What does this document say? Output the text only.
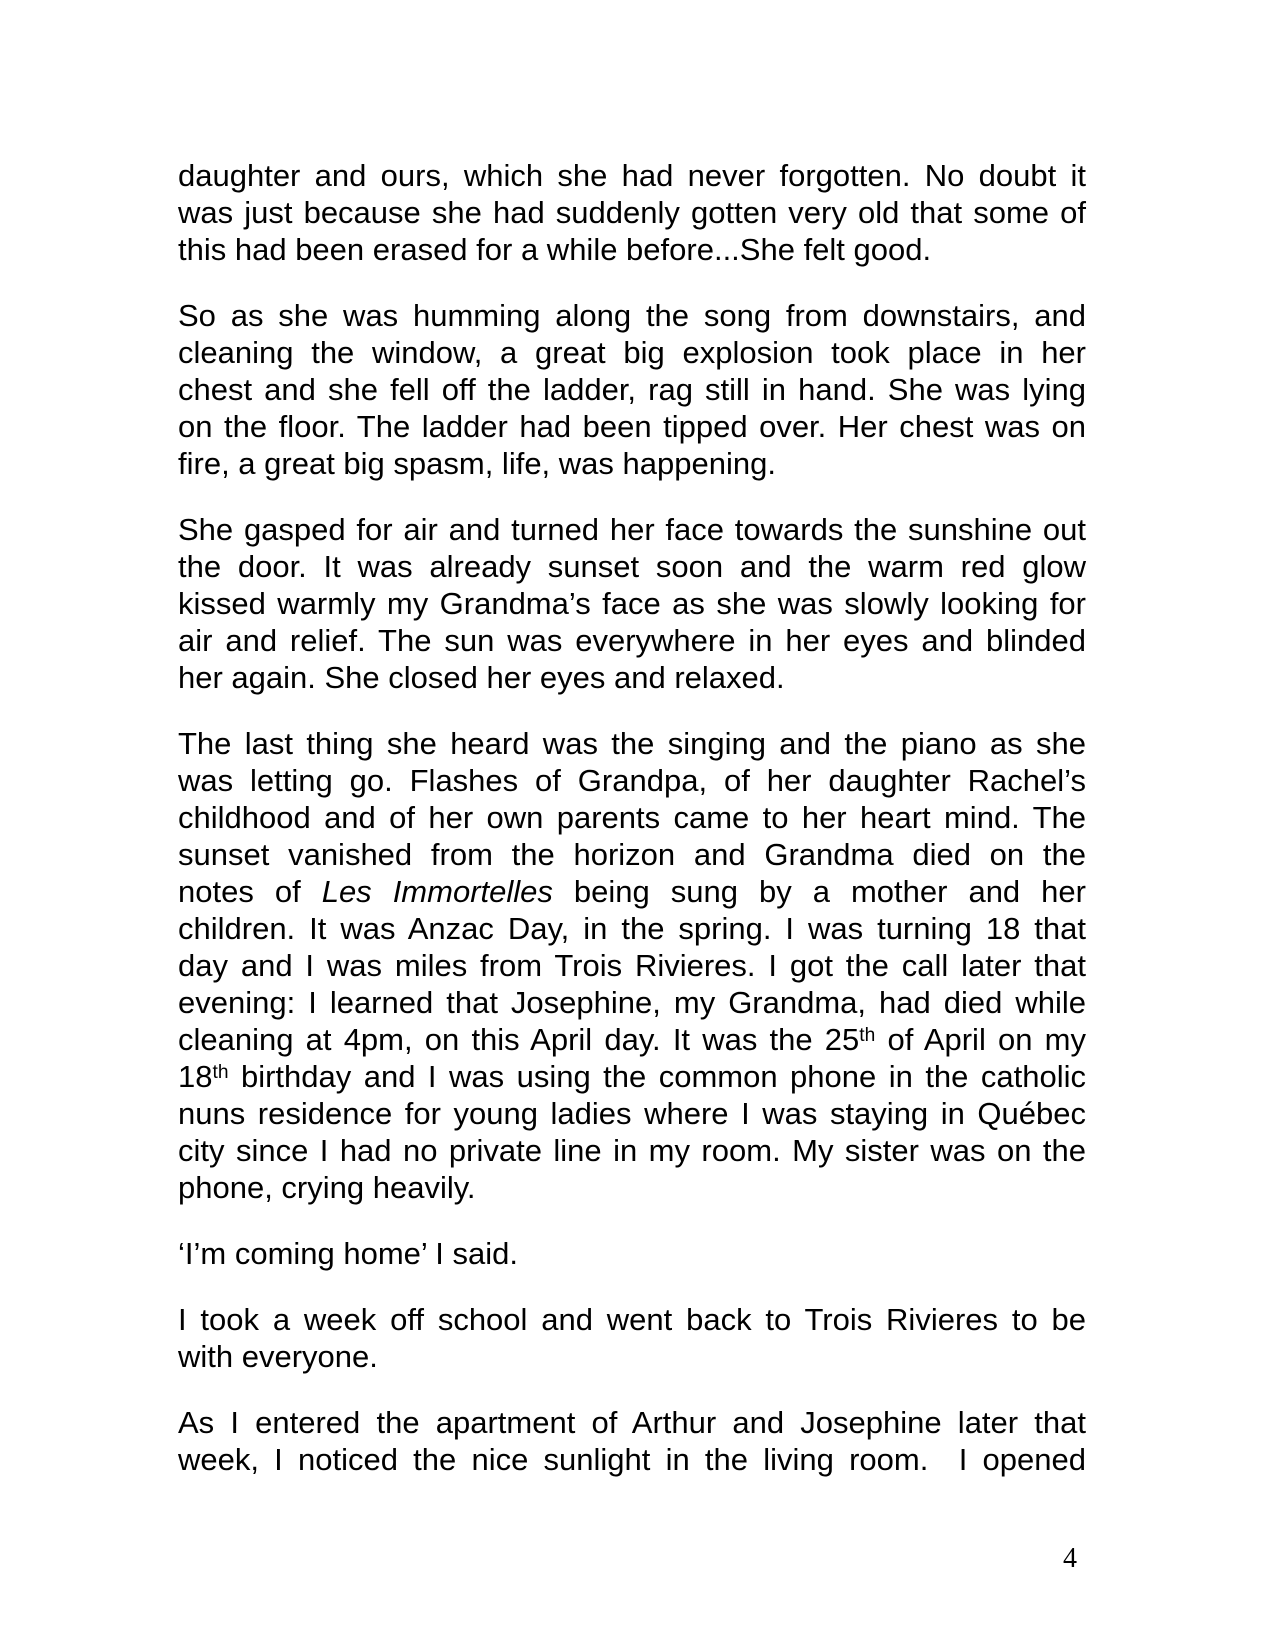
daughter and ours, which she had never forgotten. No doubt it
was just because she had suddenly gotten very old that some of
this had been erased for a while before...She felt good.
So as she was humming along the song from downstairs, and
cleaning the window, a great big explosion took place in her
chest and she fell off the ladder, rag still in hand. She was lying
on the floor. The ladder had been tipped over. Her chest was on
fire, a great big spasm, life, was happening.
She gasped for air and turned her face towards the sunshine out
the door. It was already sunset soon and the warm red glow
kissed warmly my Grandma’s face as she was slowly looking for
air and relief. The sun was everywhere in her eyes and blinded
her again. She closed her eyes and relaxed.
The last thing she heard was the singing and the piano as she
was letting go. Flashes of Grandpa, of her daughter Rachel’s
childhood and of her own parents came to her heart mind. The
sunset vanished from the horizon and Grandma died on the
notes of Les Immortelles being sung by a mother and her
children. It was Anzac Day, in the spring. I was turning 18 that
day and I was miles from Trois Rivieres. I got the call later that
evening: I learned that Josephine, my Grandma, had died while
cleaning at 4pm, on this April day. It was the 25th of April on my
18th birthday and I was using the common phone in the catholic
nuns residence for young ladies where I was staying in Québec
city since I had no private line in my room. My sister was on the
phone, crying heavily.
‘I’m coming home’ I said.
I took a week off school and went back to Trois Rivieres to be
with everyone.
As I entered the apartment of Arthur and Josephine later that
week, I noticed the nice sunlight in the living room.  I opened
4
